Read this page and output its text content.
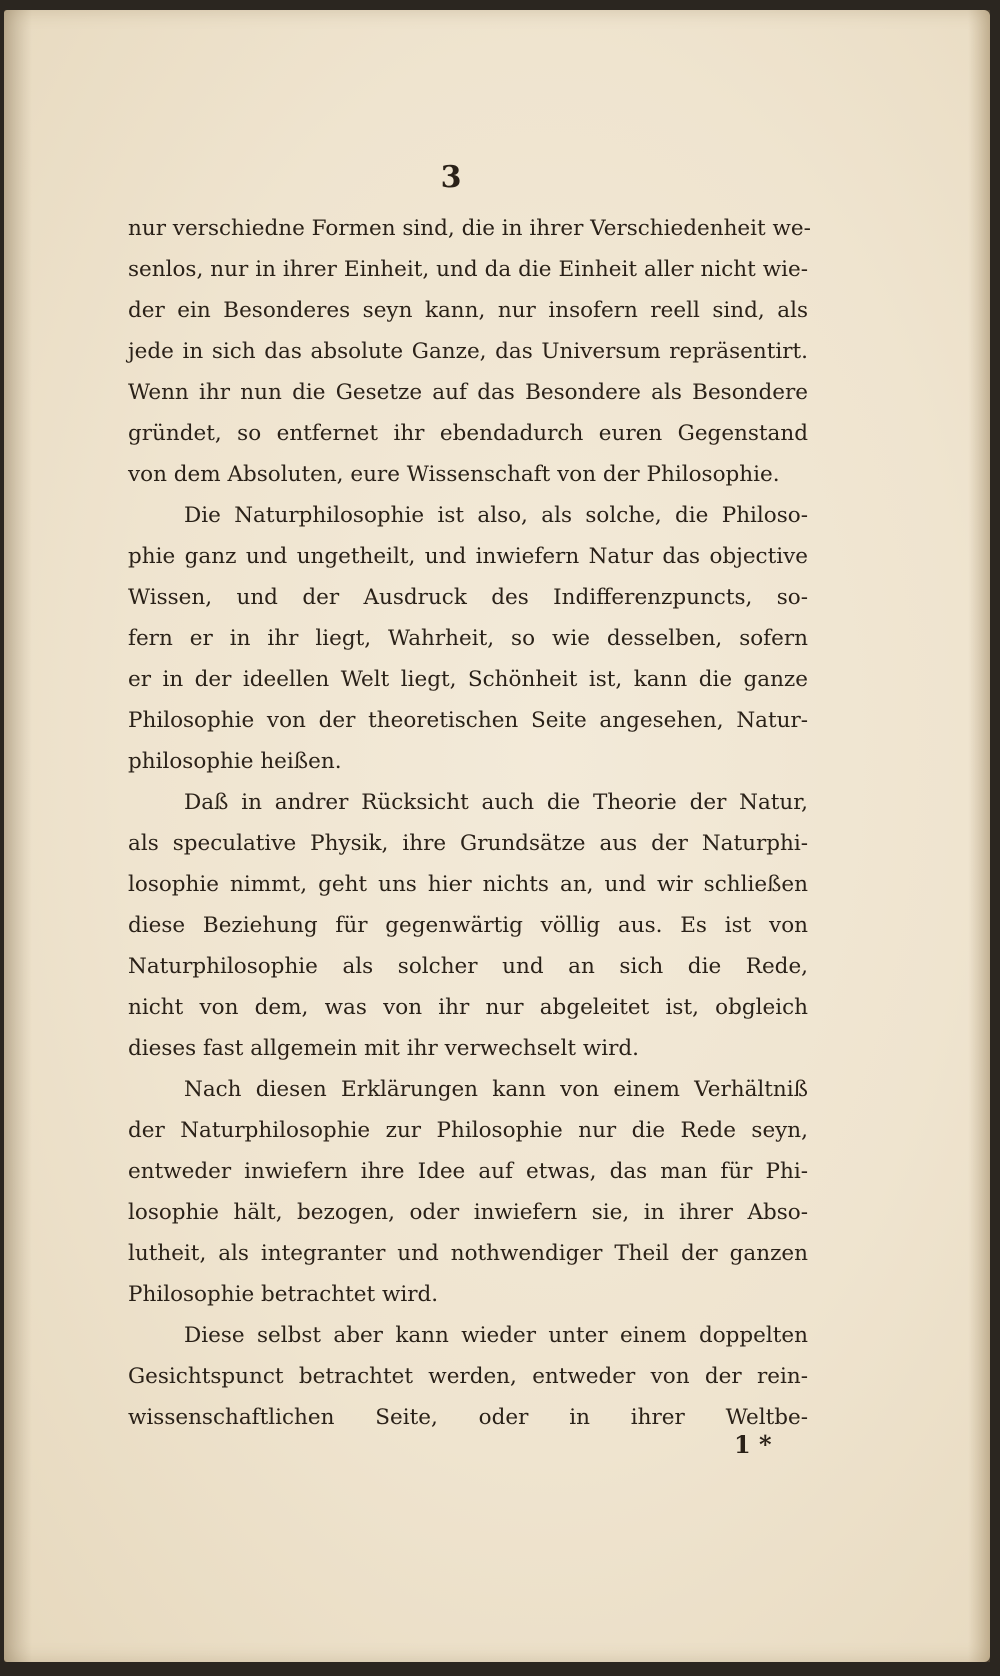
3
nur verschiedne Formen sind, die in ihrer Verschiedenheit we-
senlos, nur in ihrer Einheit, und da die Einheit aller nicht wie-
der ein Besonderes seyn kann, nur insofern reell sind, als
jede in sich das absolute Ganze, das Universum repräsentirt.
Wenn ihr nun die Gesetze auf das Besondere als Besondere
gründet, so entfernet ihr ebendadurch euren Gegenstand
von dem Absoluten, eure Wissenschaft von der Philosophie.
Die Naturphilosophie ist also, als solche, die Philoso-
phie ganz und ungetheilt, und inwiefern Natur das objective
Wissen, und der Ausdruck des Indifferenzpuncts, so-
fern er in ihr liegt, Wahrheit, so wie desselben, sofern
er in der ideellen Welt liegt, Schönheit ist, kann die ganze
Philosophie von der theoretischen Seite angesehen, Natur-
philosophie heißen.
Daß in andrer Rücksicht auch die Theorie der Natur,
als speculative Physik, ihre Grundsätze aus der Naturphi-
losophie nimmt, geht uns hier nichts an, und wir schließen
diese Beziehung für gegenwärtig völlig aus. Es ist von
Naturphilosophie als solcher und an sich die Rede,
nicht von dem, was von ihr nur abgeleitet ist, obgleich
dieses fast allgemein mit ihr verwechselt wird.
Nach diesen Erklärungen kann von einem Verhältniß
der Naturphilosophie zur Philosophie nur die Rede seyn,
entweder inwiefern ihre Idee auf etwas, das man für Phi-
losophie hält, bezogen, oder inwiefern sie, in ihrer Abso-
lutheit, als integranter und nothwendiger Theil der ganzen
Philosophie betrachtet wird.
Diese selbst aber kann wieder unter einem doppelten
Gesichtspunct betrachtet werden, entweder von der rein-
wissenschaftlichen Seite, oder in ihrer Weltbe-
1 *
